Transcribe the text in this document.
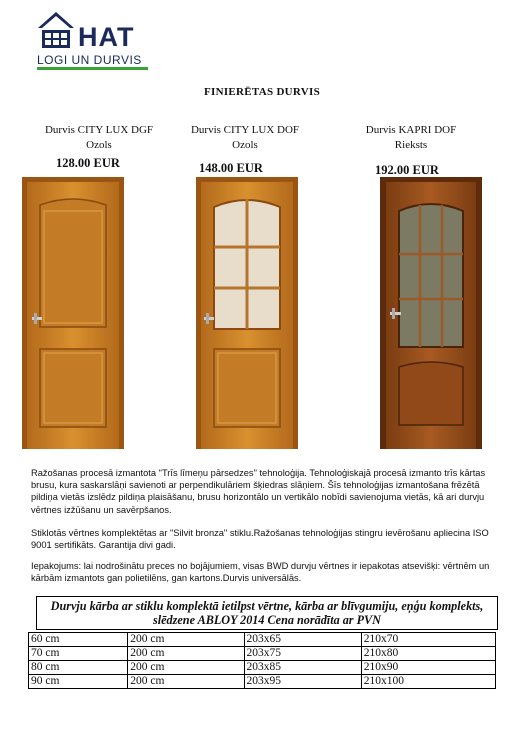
HAT
LOGI UN DURVIS
FINIERĒTAS DURVIS
Durvis CITY LUX DGF
Ozols
128.00 EUR
Durvis CITY LUX DOF
Ozols
148.00 EUR
Durvis KAPRI DOF
Rieksts
192.00 EUR
Ražošanas procesā izmantota "Trīs līmeņu pārsedzes" tehnoloģija. Tehnoloģiskajā procesā izmanto trīs kārtas brusu, kura saskarslāņi savienoti ar perpendikulāriem šķiedras slāņiem. Šīs tehnoloģijas izmantošana frēzētā pildiņa vietās izslēdz pildiņa plaisāšanu, brusu horizontālo un vertikālo nobīdi savienojuma vietās, kā ari durvju vērtnes izžūšanu un savērpšanos.
Stiklotās vērtnes komplektētas ar "Silvit bronza" stiklu.Ražošanas tehnoloģijas stingru ievērošanu apliecina ISO 9001 sertifikāts. Garantija divi gadi.
Iepakojums: lai nodrošinātu preces no bojājumiem, visas BWD durvju vērtnes ir iepakotas atsevišķi: vērtnēm un kārbām izmantots gan polietilēns, gan kartons.Durvis universālās.
Durvju kārba ar stiklu komplektā ietilpst vērtne, kārba ar blīvgumiju, eņģu komplekts, slēdzene ABLOY 2014 Cena norādīta ar PVN
60 cm	200 cm	203x65	210x70
70 cm	200 cm	203x75	210x80
80 cm	200 cm	203x85	210x90
90 cm	200 cm	203x95	210x100
